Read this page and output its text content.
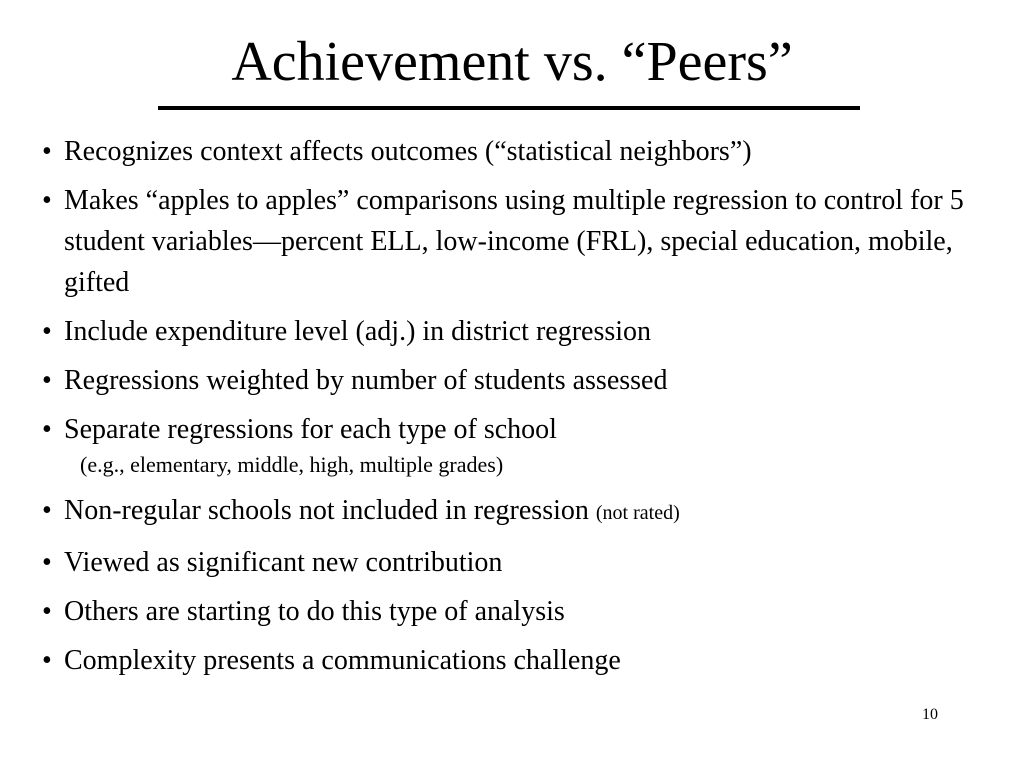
Achievement vs. “Peers”
• Recognizes context affects outcomes (“statistical neighbors”)
• Makes “apples to apples” comparisons using multiple regression to control for 5 student variables—percent ELL, low-income (FRL), special education, mobile, gifted
• Include expenditure level (adj.) in district regression
• Regressions weighted by number of students assessed
• Separate regressions for each type of school
(e.g., elementary, middle, high, multiple grades)
• Non-regular schools not included in regression (not rated)
• Viewed as significant new contribution
• Others are starting to do this type of analysis
• Complexity presents a communications challenge
10
